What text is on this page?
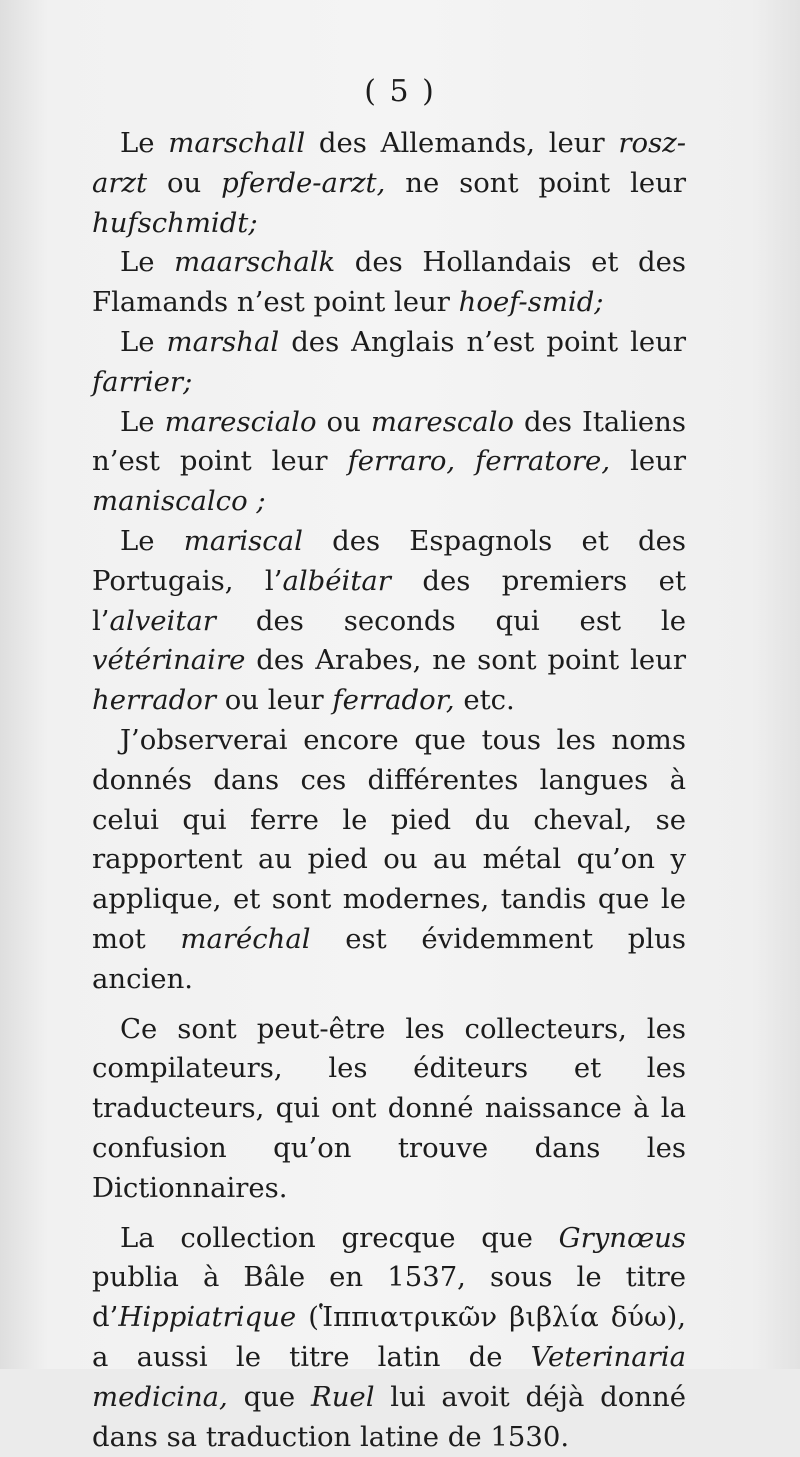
( 5 )

Le marschall des Allemands, leur rosz-arzt ou pferde-arzt, ne sont point leur hufschmidt;

Le maarschalk des Hollandais et des Flamands n’est point leur hoef-smid;

Le marshal des Anglais n’est point leur farrier;

Le marescialo ou marescalo des Italiens n’est point leur ferraro, ferratore, leur maniscalco ;

Le mariscal des Espagnols et des Portugais, l’albéitar des premiers et l’alveitar des seconds qui est le vétérinaire des Arabes, ne sont point leur herrador ou leur ferrador, etc.

J’observerai encore que tous les noms donnés dans ces différentes langues à celui qui ferre le pied du cheval, se rapportent au pied ou au métal qu’on y applique, et sont modernes, tandis que le mot maréchal est évidemment plus ancien.

Ce sont peut-être les collecteurs, les compilateurs, les éditeurs et les traducteurs, qui ont donné naissance à la confusion qu’on trouve dans les Dictionnaires.

La collection grecque que Grynœus publia à Bâle en 1537, sous le titre d’Hippiatrique (Ἱππιατρικῶν βιβλία δύω), a aussi le titre latin de Veterinaria medicina, que Ruel lui avoit déjà donné dans sa traduction latine de 1530.
